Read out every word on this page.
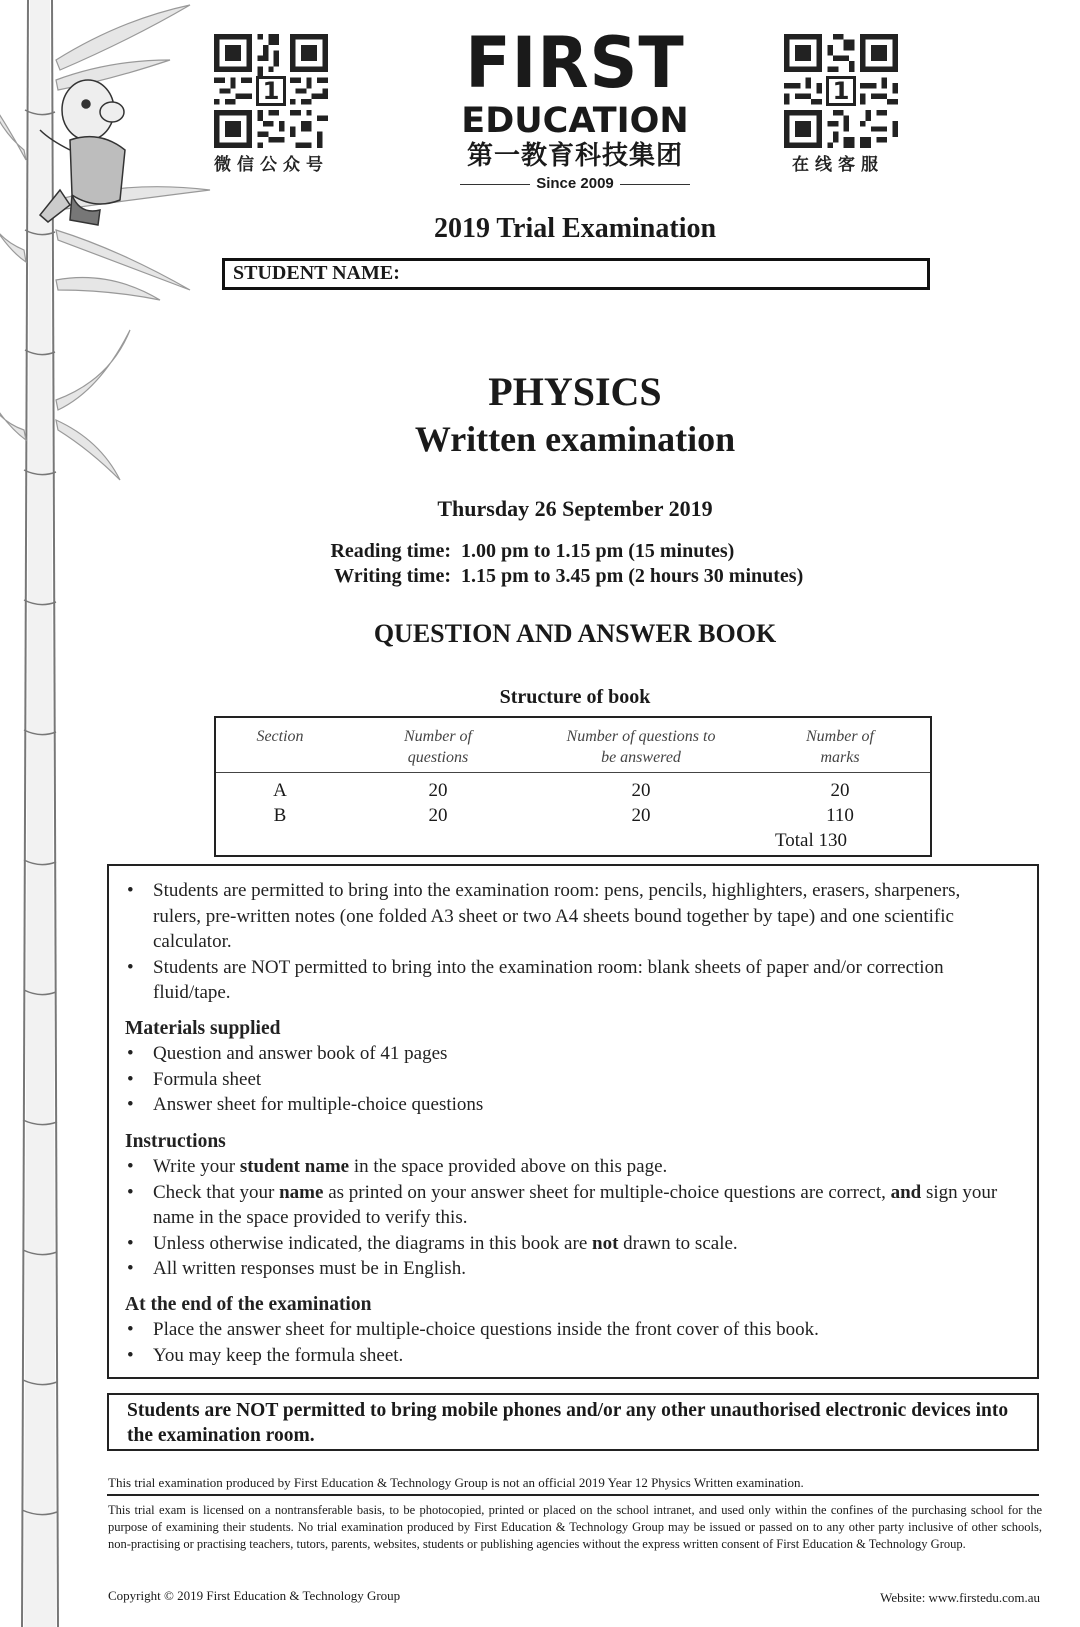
1
微信公众号
1
在线客服
FIRST
EDUCATION
第一教育科技集团
Since 2009
2019 Trial Examination
STUDENT NAME:
PHYSICS
Written examination
Thursday 26 September 2019
Reading time: 1.00 pm to 1.15 pm (15 minutes)
Writing time: 1.15 pm to 3.45 pm (2 hours 30 minutes)
QUESTION AND ANSWER BOOK
Structure of book
Section	Number of questions	Number of questions to be answered	Number of marks
A	20	20	20
B	20	20	110
			Total 130
• Students are permitted to bring into the examination room: pens, pencils, highlighters, erasers, sharpeners, rulers, pre-written notes (one folded A3 sheet or two A4 sheets bound together by tape) and one scientific calculator.
• Students are NOT permitted to bring into the examination room: blank sheets of paper and/or correction fluid/tape.
Materials supplied
• Question and answer book of 41 pages
• Formula sheet
• Answer sheet for multiple-choice questions
Instructions
• Write your student name in the space provided above on this page.
• Check that your name as printed on your answer sheet for multiple-choice questions are correct, and sign your name in the space provided to verify this.
• Unless otherwise indicated, the diagrams in this book are not drawn to scale.
• All written responses must be in English.
At the end of the examination
• Place the answer sheet for multiple-choice questions inside the front cover of this book.
• You may keep the formula sheet.
Students are NOT permitted to bring mobile phones and/or any other unauthorised electronic devices into the examination room.
This trial examination produced by First Education & Technology Group is not an official 2019 Year 12 Physics Written examination.
This trial exam is licensed on a nontransferable basis, to be photocopied, printed or placed on the school intranet, and used only within the confines of the purchasing school for the purpose of examining their students. No trial examination produced by First Education & Technology Group may be issued or passed on to any other party inclusive of other schools, non-practising or practising teachers, tutors, parents, websites, students or publishing agencies without the express written consent of First Education & Technology Group.
Copyright © 2019 First Education & Technology Group	Website: www.firstedu.com.au
